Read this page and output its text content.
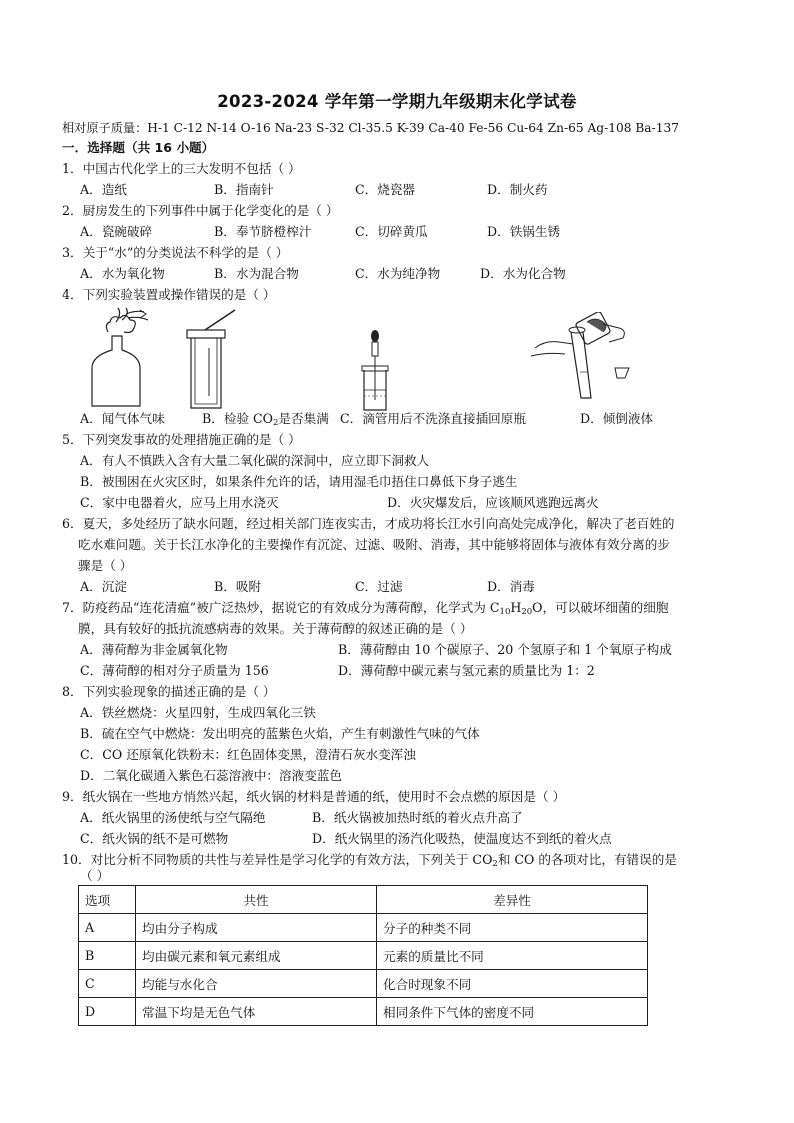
2023-2024 学年第一学期九年级期末化学试卷
相对原子质量：H-1 C-12 N-14 O-16 Na-23 S-32 Cl-35.5 K-39 Ca-40 Fe-56 Cu-64 Zn-65 Ag-108 Ba-137
一．选择题（共 16 小题）
1．中国古代化学上的三大发明不包括（ ）
A．造纸	B．指南针	C．烧瓷器	D．制火药
2．厨房发生的下列事件中属于化学变化的是（ ）
A．瓷碗破碎	B．奉节脐橙榨汁	C．切碎黄瓜	D．铁锅生锈
3．关于“水”的分类说法不科学的是（ ）
A．水为氧化物	B．水为混合物	C．水为纯净物	D．水为化合物
4．下列实验装置或操作错误的是（ ）
A．闻气体气味	B．检验 $CO_2$是否集满 C．滴管用后不洗涤直接插回原瓶	D．倾倒液体
5．下列突发事故的处理措施正确的是（ ）
A．有人不慎跌入含有大量二氧化碳的深洞中，应立即下洞救人
B．被围困在火灾区时，如果条件允许的话，请用湿毛巾捂住口鼻低下身子逃生
C．家中电器着火，应马上用水浇灭	D．火灾爆发后，应该顺风逃跑远离火
6．夏天，多处经历了缺水问题，经过相关部门连夜实击，才成功将长江水引向高处完成净化，解决了老百姓的
吃水难问题。关于长江水净化的主要操作有沉淀、过滤、吸附、消毒，其中能够将固体与液体有效分离的步
骤是（ ）
A．沉淀	B．吸附	C．过滤	D．消毒
7．防疫药品“连花清瘟”被广泛热炒，据说它的有效成分为薄荷醇，化学式为 $C_{10}H_{20}O$，可以破坏细菌的细胞
膜，具有较好的抵抗流感病毒的效果。关于薄荷醇的叙述正确的是（ ）
A．薄荷醇为非金属氧化物	B．薄荷醇由 10 个碳原子、20 个氢原子和 1 个氧原子构成
C．薄荷醇的相对分子质量为 156	D．薄荷醇中碳元素与氢元素的质量比为 1：2
8．下列实验现象的描述正确的是（ ）
A．铁丝燃烧：火星四射，生成四氧化三铁
B．硫在空气中燃烧：发出明亮的蓝紫色火焰，产生有刺激性气味的气体
C．CO 还原氧化铁粉末：红色固体变黑，澄清石灰水变浑浊
D．二氧化碳通入紫色石蕊溶液中：溶液变蓝色
9．纸火锅在一些地方悄然兴起，纸火锅的材料是普通的纸，使用时不会点燃的原因是（ ）
A．纸火锅里的汤使纸与空气隔绝	B．纸火锅被加热时纸的着火点升高了
C．纸火锅的纸不是可燃物	D．纸火锅里的汤汽化吸热，使温度达不到纸的着火点
10．对比分析不同物质的共性与差异性是学习化学的有效方法，下列关于 $CO_2$和 CO 的各项对比，有错误的是
（ ）
选项	共性	差异性
A	均由分子构成	分子的种类不同
B	均由碳元素和氧元素组成	元素的质量比不同
C	均能与水化合	化合时现象不同
D	常温下均是无色气体	相同条件下气体的密度不同
